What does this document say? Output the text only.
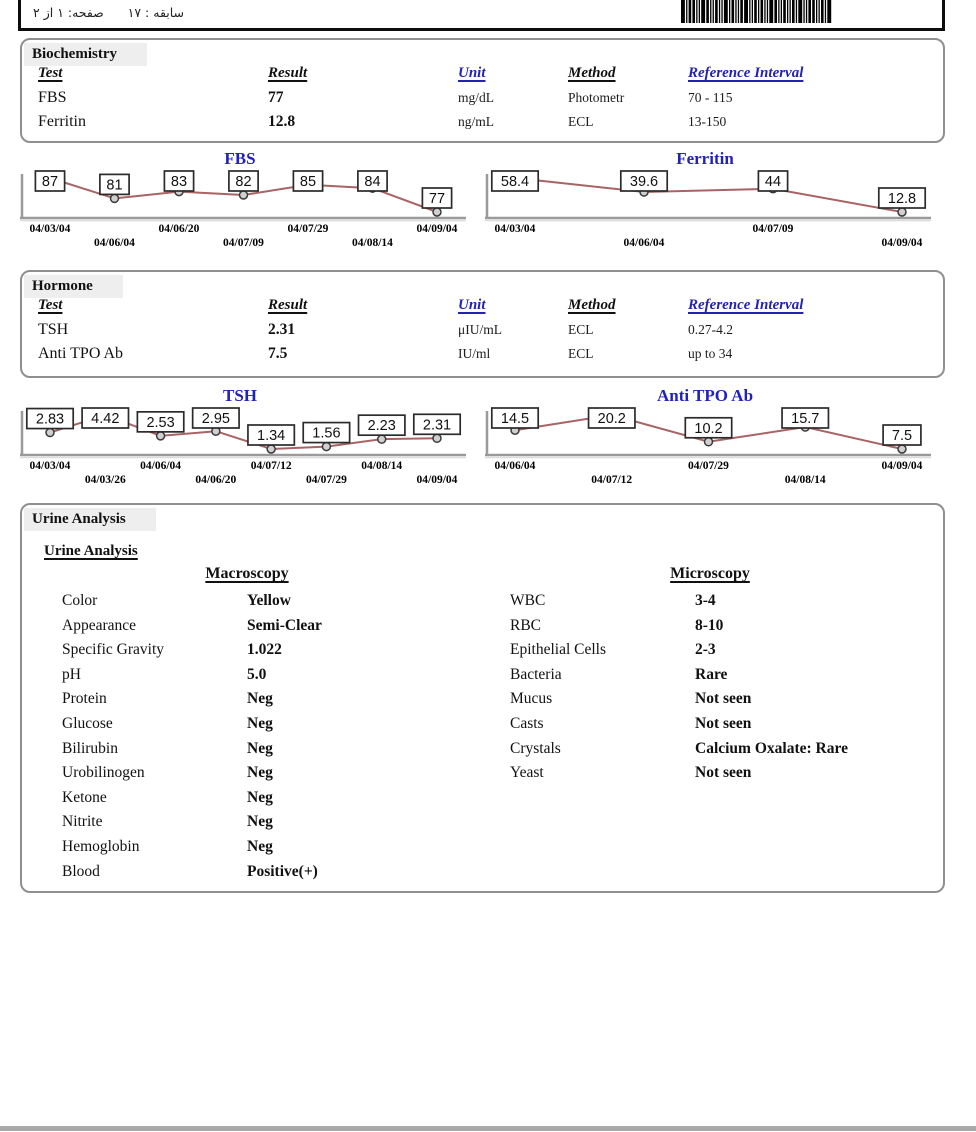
سابقه : ۱۷      صفحه: ۱ از ۲
Biochemistry
Test	Result	Unit	Method	Reference Interval
FBS	77	mg/dL	Photometr	70 - 115
Ferritin	12.8	ng/mL	ECL	13-150
FBS
87	81	83	82	85	84
77
04/03/04
04/06/04
04/06/20
04/07/09
04/07/29
04/08/14
04/09/04
Ferritin
58.4	39.6	44
12.8
04/03/04
04/06/04
04/07/09
04/09/04
Hormone
Test	Result	Unit	Method	Reference Interval
TSH	2.31	μIU/mL	ECL	0.27-4.2
Anti TPO Ab	7.5	IU/ml	ECL	up to 34
TSH
2.83 4.42 2.53 2.95
1.34 1.56 2.23 2.31
04/03/04
04/03/26
04/06/04
04/06/20
04/07/12
04/07/29
04/08/14
04/09/04
Anti TPO Ab
14.5	20.2
10.2
15.7
7.5
04/06/04
04/07/12
04/07/29
04/08/14
04/09/04
Urine Analysis
Urine Analysis
Macroscopy
Color	Yellow
Appearance	Semi-Clear
Specific Gravity	1.022
pH	5.0
Protein	Neg
Glucose	Neg
Bilirubin	Neg
Urobilinogen	Neg
Ketone	Neg
Nitrite	Neg
Hemoglobin	Neg
Blood	Positive(+)
Microscopy
WBC	3-4
RBC	8-10
Epithelial Cells	2-3
Bacteria	Rare
Mucus	Not seen
Casts	Not seen
Crystals	Calcium Oxalate: Rare
Yeast	Not seen
